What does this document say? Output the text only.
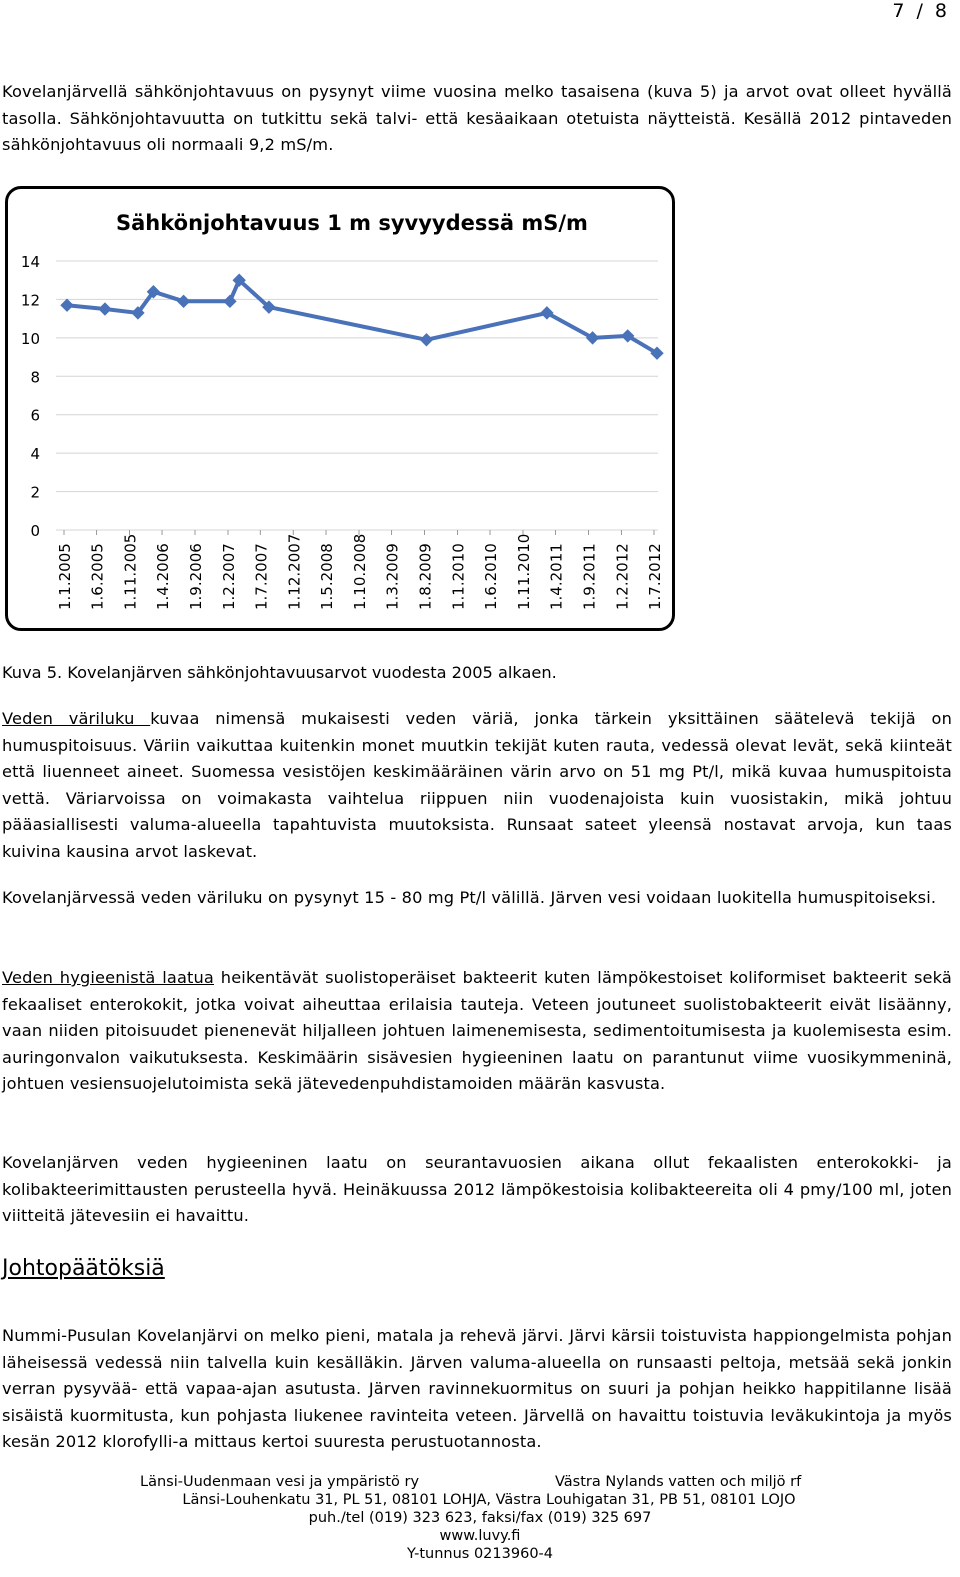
7 / 8

Kovelanjärvellä sähkönjohtavuus on pysynyt viime vuosina melko tasaisena (kuva 5) ja arvot ovat olleet hyvällä tasolla. Sähkönjohtavuutta on tutkittu sekä talvi- että kesäaikaan otetuista näytteistä. Kesällä 2012 pintaveden sähkönjohtavuus oli normaali 9,2 mS/m.

Sähkönjohtavuus 1 m syvyydessä mS/m
0
2
4
6
8
10
12
14
1.1.2005 1.6.2005 1.11.2005 1.4.2006 1.9.2006 1.2.2007 1.7.2007 1.12.2007 1.5.2008 1.10.2008 1.3.2009 1.8.2009 1.1.2010 1.6.2010 1.11.2010 1.4.2011 1.9.2011 1.2.2012 1.7.2012
Kuva 5. Kovelanjärven sähkönjohtavuusarvot vuodesta 2005 alkaen.

Veden väriluku kuvaa nimensä mukaisesti veden väriä, jonka tärkein yksittäinen säätelevä tekijä on humuspitoisuus. Väriin vaikuttaa kuitenkin monet muutkin tekijät kuten rauta, vedessä olevat levät, sekä kiinteät että liuenneet aineet. Suomessa vesistöjen keskimääräinen värin arvo on 51 mg Pt/l, mikä kuvaa humuspitoista vettä. Väriarvoissa on voimakasta vaihtelua riippuen niin vuodenajoista kuin vuosistakin, mikä johtuu pääasiallisesti valuma-alueella tapahtuvista muutoksista. Runsaat sateet yleensä nostavat arvoja, kun taas kuivina kausina arvot laskevat.

Kovelanjärvessä veden väriluku on pysynyt 15 - 80 mg Pt/l välillä. Järven vesi voidaan luokitella humuspitoiseksi.

Veden hygieenistä laatua heikentävät suolistoperäiset bakteerit kuten lämpökestoiset koliformiset bakteerit sekä fekaaliset enterokokit, jotka voivat aiheuttaa erilaisia tauteja. Veteen joutuneet suolistobakteerit eivät lisäänny, vaan niiden pitoisuudet pienenevät hiljalleen johtuen laimenemisesta, sedimentoitumisesta ja kuolemisesta esim. auringonvalon vaikutuksesta. Keskimäärin sisävesien hygieeninen laatu on parantunut viime vuosikymmeninä, johtuen vesiensuojelutoimista sekä jätevedenpuhdistamoiden määrän kasvusta.

Kovelanjärven veden hygieeninen laatu on seurantavuosien aikana ollut fekaalisten enterokokki- ja kolibakteerimittausten perusteella hyvä. Heinäkuussa 2012 lämpökestoisia kolibakteereita oli 4 pmy/100 ml, joten viitteitä jätevesiin ei havaittu.

Johtopäätöksiä

Nummi-Pusulan Kovelanjärvi on melko pieni, matala ja rehevä järvi. Järvi kärsii toistuvista happiongelmista pohjan läheisessä vedessä niin talvella kuin kesälläkin. Järven valuma-alueella on runsaasti peltoja, metsää sekä jonkin verran pysyvää- että vapaa-ajan asutusta. Järven ravinnekuormitus on suuri ja pohjan heikko happitilanne lisää sisäistä kuormitusta, kun pohjasta liukenee ravinteita veteen. Järvellä on havaittu toistuvia leväkukintoja ja myös kesän 2012 klorofylli-a mittaus kertoi suuresta perustuotannosta.

Länsi-Uudenmaan vesi ja ympäristö ry	Västra Nylands vatten och miljö rf
Länsi-Louhenkatu 31, PL 51, 08101 LOHJA, Västra Louhigatan 31, PB 51, 08101 LOJO
puh./tel (019) 323 623, faksi/fax (019) 325 697
www.luvy.fi
Y-tunnus 0213960-4
